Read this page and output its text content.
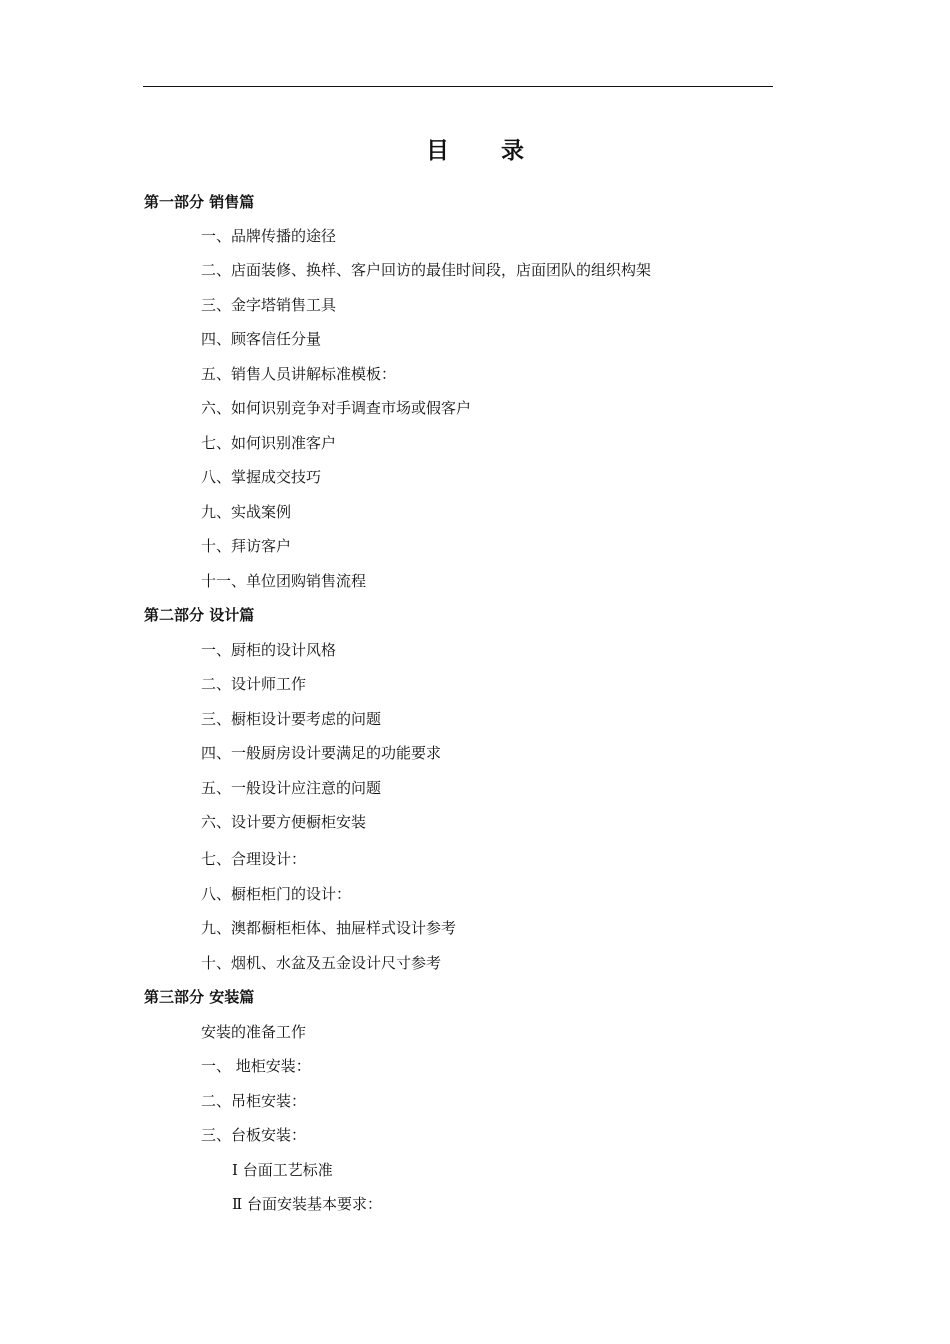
目 录
第一部分 销售篇
一、品牌传播的途径
二、店面装修、换样、客户回访的最佳时间段，店面团队的组织构架
三、金字塔销售工具
四、顾客信任分量
五、销售人员讲解标准模板：
六、如何识别竞争对手调查市场或假客户
七、如何识别准客户
八、掌握成交技巧
九、实战案例
十、拜访客户
十一、单位团购销售流程
第二部分 设计篇
一、厨柜的设计风格
二、设计师工作
三、橱柜设计要考虑的问题
四、一般厨房设计要满足的功能要求
五、一般设计应注意的问题
六、设计要方便橱柜安装
七、合理设计：
八、橱柜柜门的设计：
九、澳都橱柜柜体、抽屉样式设计参考
十、烟机、水盆及五金设计尺寸参考
第三部分 安装篇
安装的准备工作
一、 地柜安装：
二、吊柜安装：
三、台板安装：
Ⅰ 台面工艺标准
Ⅱ 台面安装基本要求：
